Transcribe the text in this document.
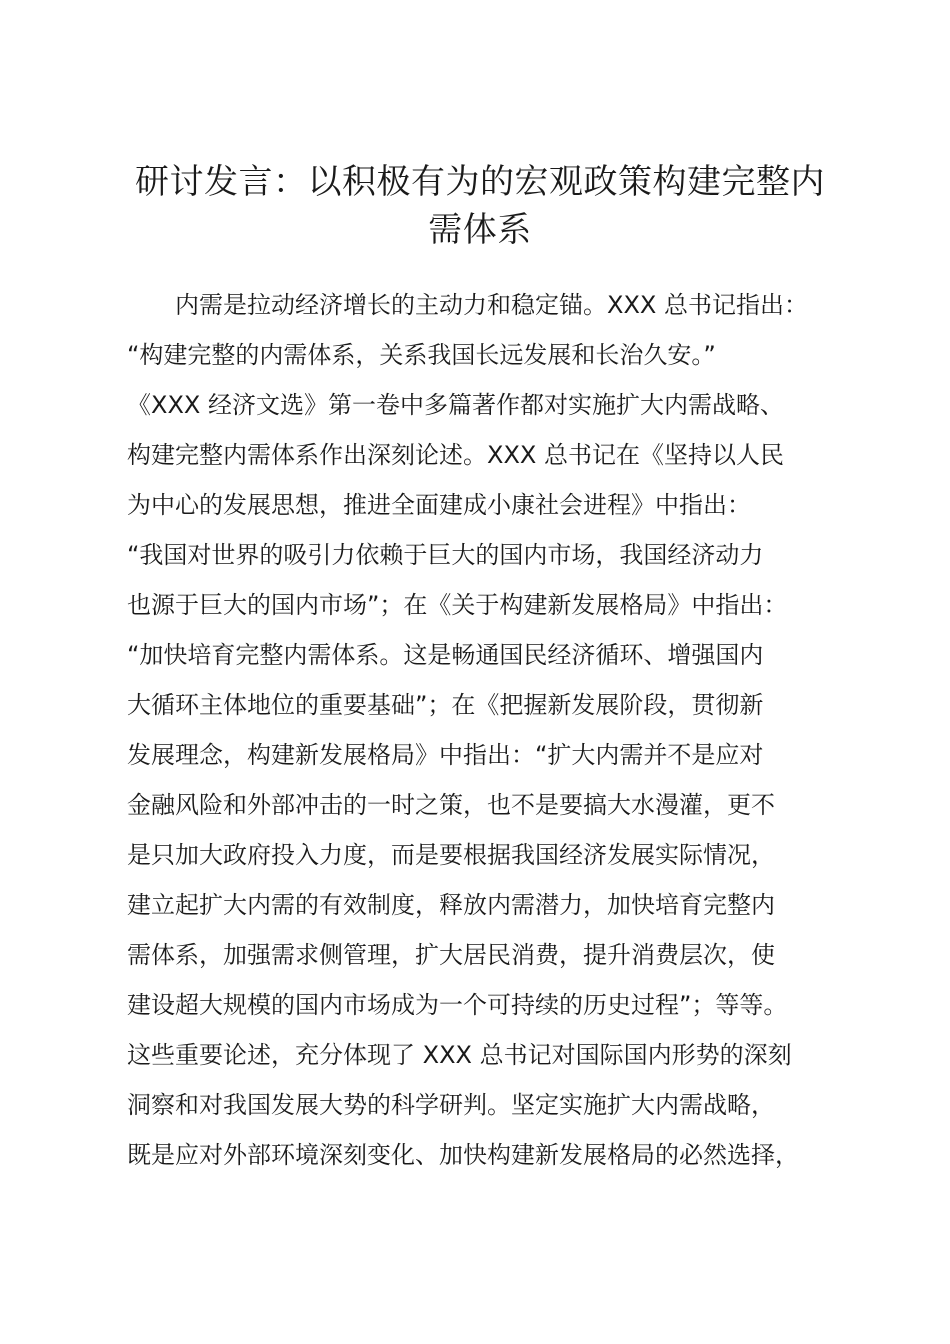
研讨发言：以积极有为的宏观政策构建完整内
需体系
　　内需是拉动经济增长的主动力和稳定锚。XXX 总书记指出：
“构建完整的内需体系，关系我国长远发展和长治久安。”
《XXX 经济文选》第一卷中多篇著作都对实施扩大内需战略、
构建完整内需体系作出深刻论述。XXX 总书记在《坚持以人民
为中心的发展思想，推进全面建成小康社会进程》中指出：
“我国对世界的吸引力依赖于巨大的国内市场，我国经济动力
也源于巨大的国内市场”；在《关于构建新发展格局》中指出：
“加快培育完整内需体系。这是畅通国民经济循环、增强国内
大循环主体地位的重要基础”；在《把握新发展阶段，贯彻新
发展理念，构建新发展格局》中指出：“扩大内需并不是应对
金融风险和外部冲击的一时之策，也不是要搞大水漫灌，更不
是只加大政府投入力度，而是要根据我国经济发展实际情况，
建立起扩大内需的有效制度，释放内需潜力，加快培育完整内
需体系，加强需求侧管理，扩大居民消费，提升消费层次，使
建设超大规模的国内市场成为一个可持续的历史过程”；等等。
这些重要论述，充分体现了 XXX 总书记对国际国内形势的深刻
洞察和对我国发展大势的科学研判。坚定实施扩大内需战略，
既是应对外部环境深刻变化、加快构建新发展格局的必然选择，
